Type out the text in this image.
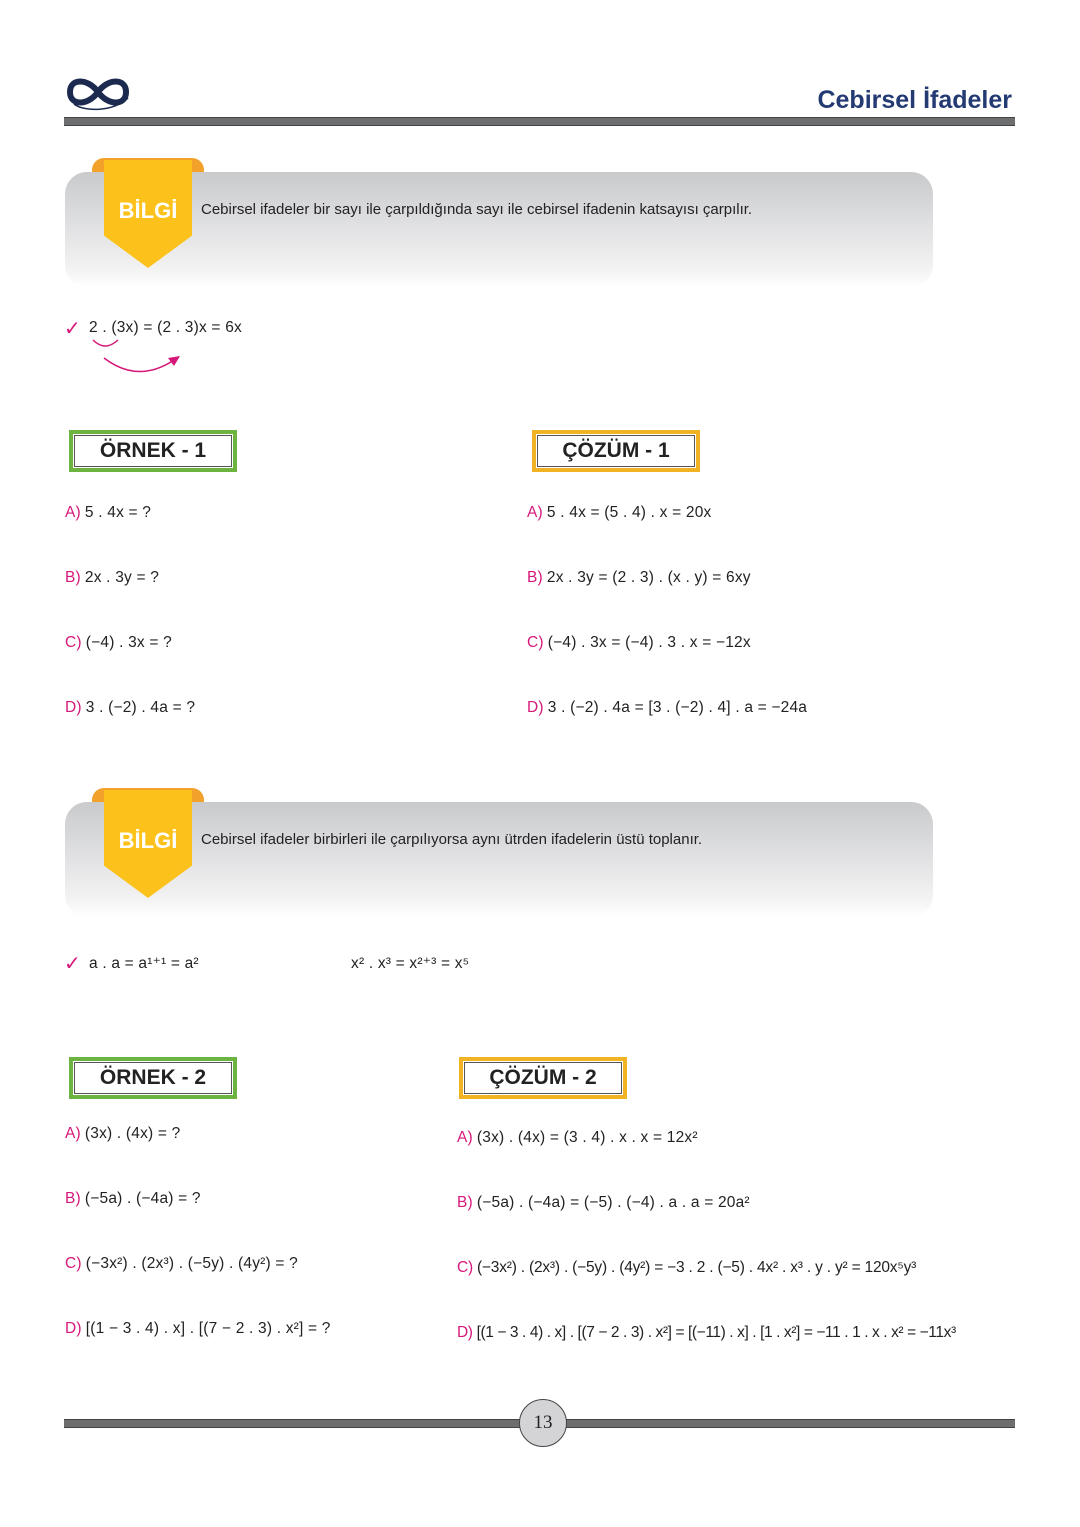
Cebirsel İfadeler
BİLGİ	Cebirsel ifadeler bir sayı ile çarpıldığında sayı ile cebirsel ifadenin katsayısı çarpılır.
✓ 2 . (3x) = (2 . 3)x = 6x
ÖRNEK - 1	ÇÖZÜM - 1
A) 5 . 4x = ?
B) 2x . 3y = ?
C) (−4) . 3x = ?
D) 3 . (−2) . 4a = ?
A) 5 . 4x = (5 . 4) . x = 20x
B) 2x . 3y = (2 . 3) . (x . y) = 6xy
C) (−4) . 3x = (−4) . 3 . x = −12x
D) 3 . (−2) . 4a = [3 . (−2) . 4] . a = −24a
BİLGİ	Cebirsel ifadeler birbirleri ile çarpılıyorsa aynı ütrden ifadelerin üstü toplanır.
✓ a . a = a¹⁺¹ = a²	x² . x³ = x²⁺³ = x⁵
ÖRNEK - 2	ÇÖZÜM - 2
A) (3x) . (4x) = ?
B) (−5a) . (−4a) = ?
C) (−3x²) . (2x³) . (−5y) . (4y²) = ?
D) [(1 − 3 . 4) . x] . [(7 − 2 . 3) . x²] = ?
A) (3x) . (4x) = (3 . 4) . x . x = 12x²
B) (−5a) . (−4a) = (−5) . (−4) . a . a = 20a²
C) (−3x²) . (2x³) . (−5y) . (4y²) = −3 . 2 . (−5) . 4x² . x³ . y . y² = 120x⁵y³
D) [(1 − 3 . 4) . x] . [(7 − 2 . 3) . x²] = [(−11) . x] . [1 . x²] = −11 . 1 . x . x² = −11x³
13
